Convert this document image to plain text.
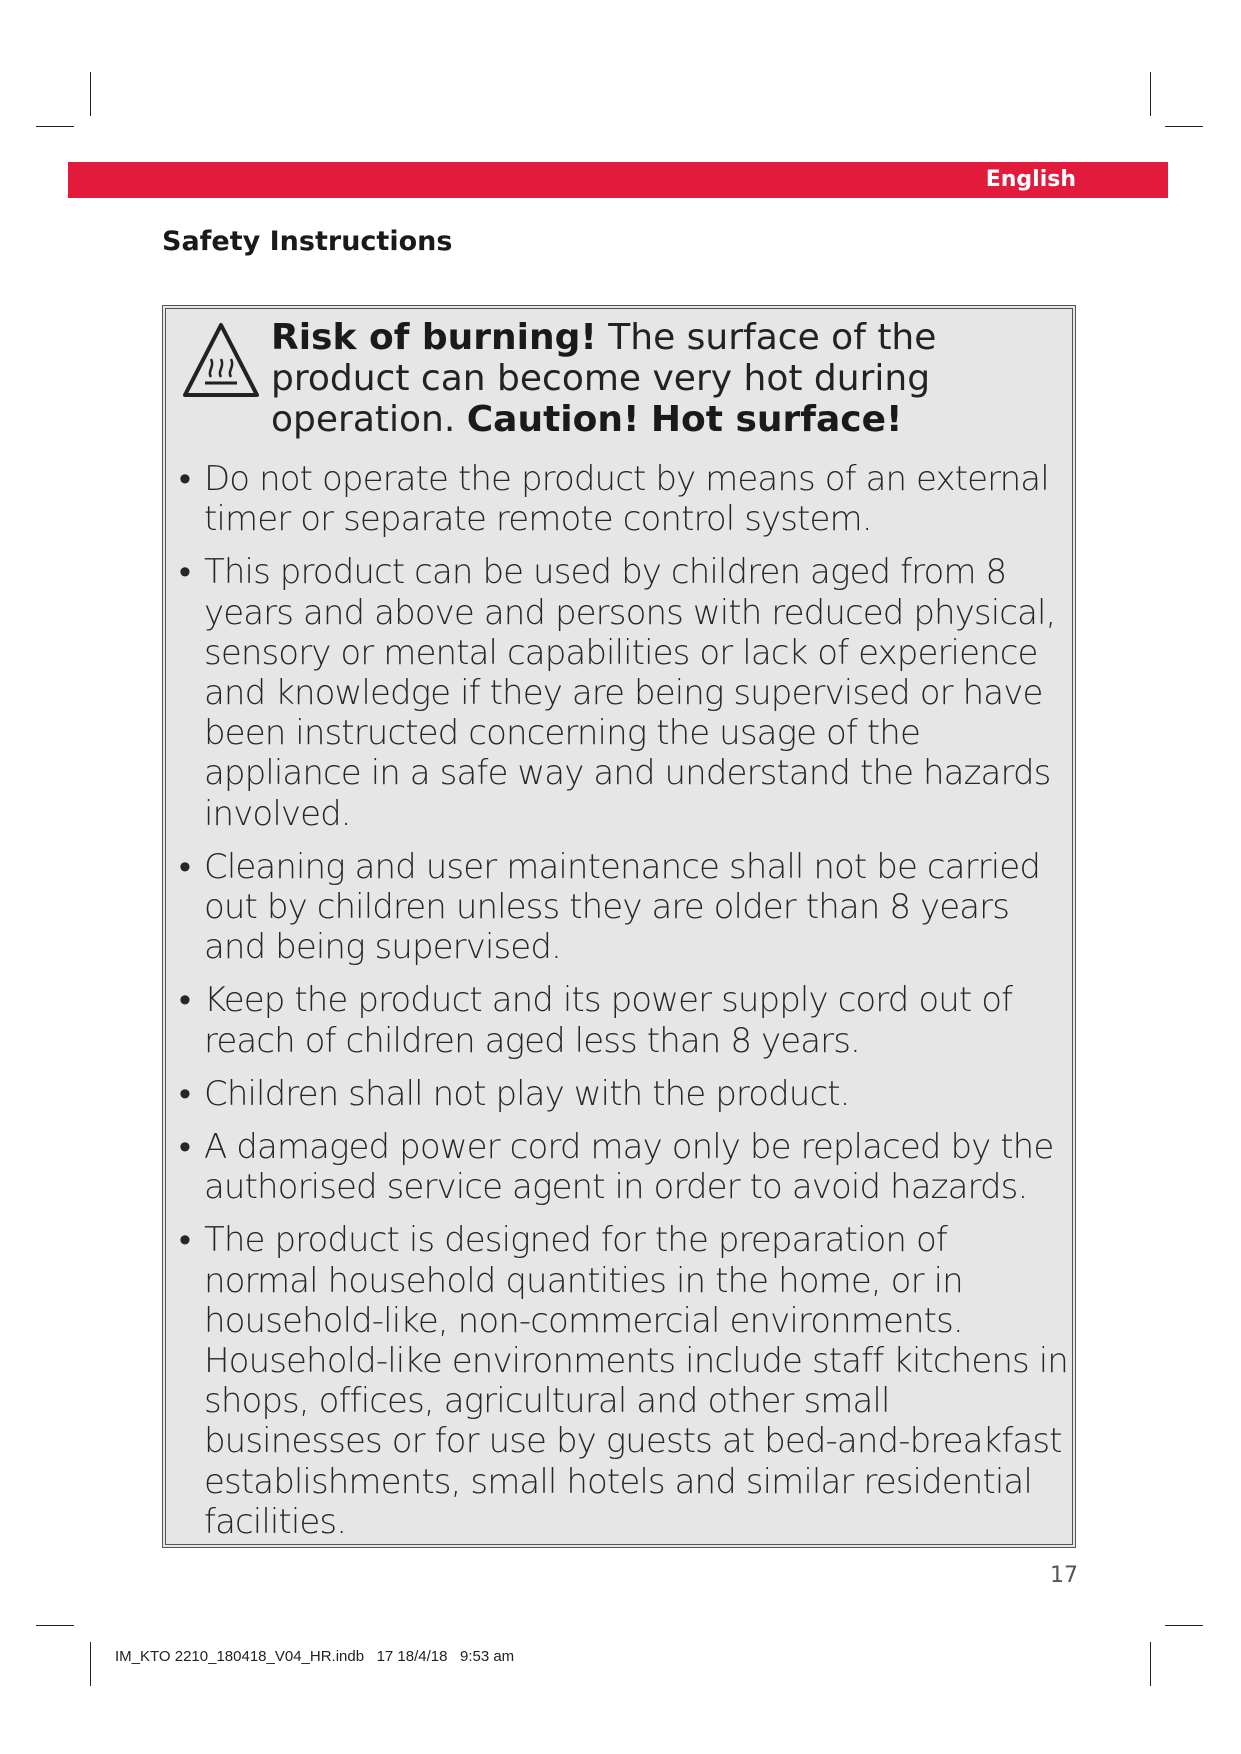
English
Safety Instructions
Risk of burning! The surface of the product can become very hot during operation. Caution! Hot surface!
• Do not operate the product by means of an external timer or separate remote control system.
• This product can be used by children aged from 8 years and above and persons with reduced physical, sensory or mental capabilities or lack of experience and knowledge if they are being supervised or have been instructed concerning the usage of the appliance in a safe way and understand the hazards involved.
• Cleaning and user maintenance shall not be carried out by children unless they are older than 8 years and being supervised.
• Keep the product and its power supply cord out of reach of children aged less than 8 years.
• Children shall not play with the product.
• A damaged power cord may only be replaced by the authorised service agent in order to avoid hazards.
• The product is designed for the preparation of normal household quantities in the home, or in household-like, non-commercial environments. Household-like environments include staff kitchens in shops, offices, agricultural and other small businesses or for use by guests at bed-and-breakfast establishments, small hotels and similar residential facilities.
17
IM_KTO 2210_180418_V04_HR.indb   17 18/4/18   9:53 am
